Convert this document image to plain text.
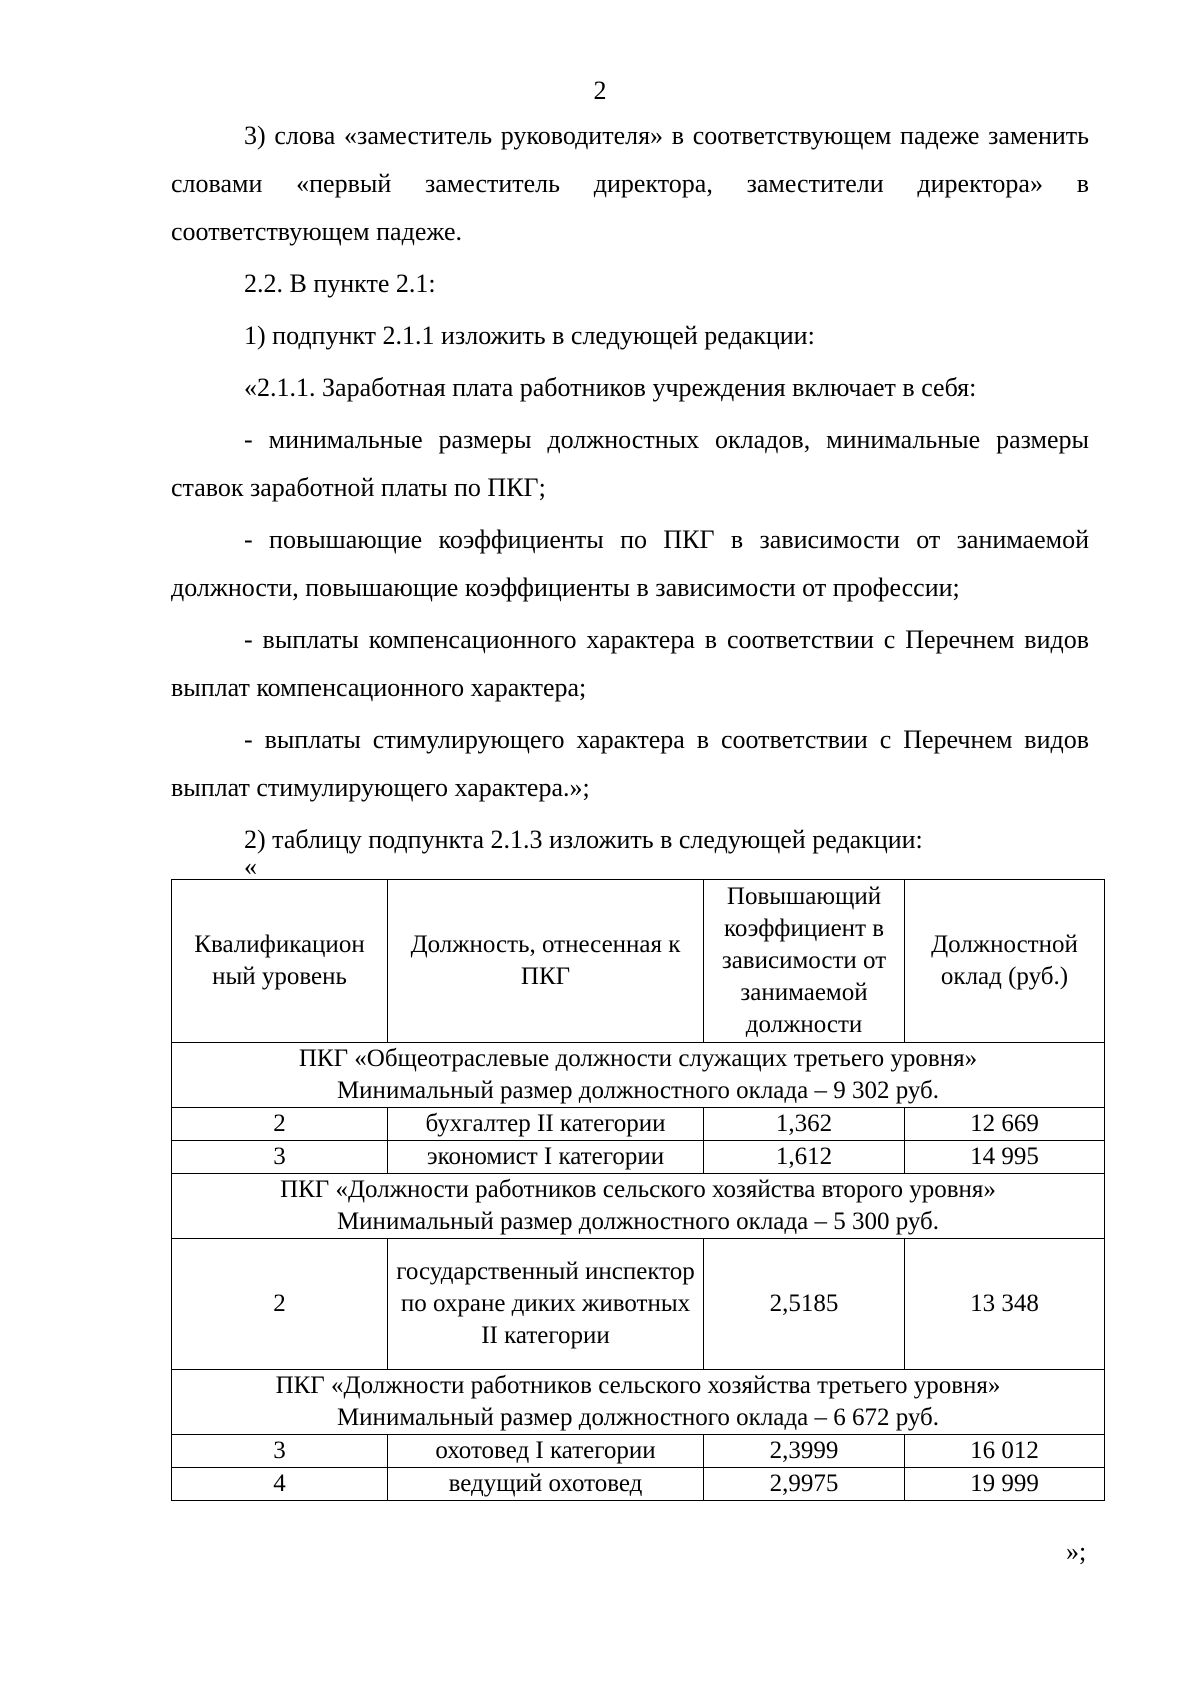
2

3) слова «заместитель руководителя» в соответствующем падеже заменить словами «первый заместитель директора, заместители директора» в соответствующем падеже.

2.2. В пункте 2.1:

1) подпункт 2.1.1 изложить в следующей редакции:

«2.1.1. Заработная плата работников учреждения включает в себя:

- минимальные размеры должностных окладов, минимальные размеры ставок заработной платы по ПКГ;

- повышающие коэффициенты по ПКГ в зависимости от занимаемой должности, повышающие коэффициенты в зависимости от профессии;

- выплаты компенсационного характера в соответствии с Перечнем видов выплат компенсационного характера;

- выплаты стимулирующего характера в соответствии с Перечнем видов выплат стимулирующего характера.»;

2) таблицу подпункта 2.1.3 изложить в следующей редакции:

«
Квалификацион ный уровень	Должность, отнесенная к ПКГ	Повышающий коэффициент в зависимости от занимаемой должности	Должностной оклад (руб.)

ПКГ «Общеотраслевые должности служащих третьего уровня»
Минимальный размер должностного оклада – 9 302 руб.			

2	бухгалтер II категории	1,362	12 669
3	экономист I категории	1,612	14 995

ПКГ «Должности работников сельского хозяйства второго уровня»
Минимальный размер должностного оклада – 5 300 руб.			

2	государственный инспектор по охране диких животных II категории	2,5185	13 348

ПКГ «Должности работников сельского хозяйства третьего уровня»
Минимальный размер должностного оклада – 6 672 руб.			

3	охотовед I категории	2,3999	16 012
4	ведущий охотовед	2,9975	19 999
»;
